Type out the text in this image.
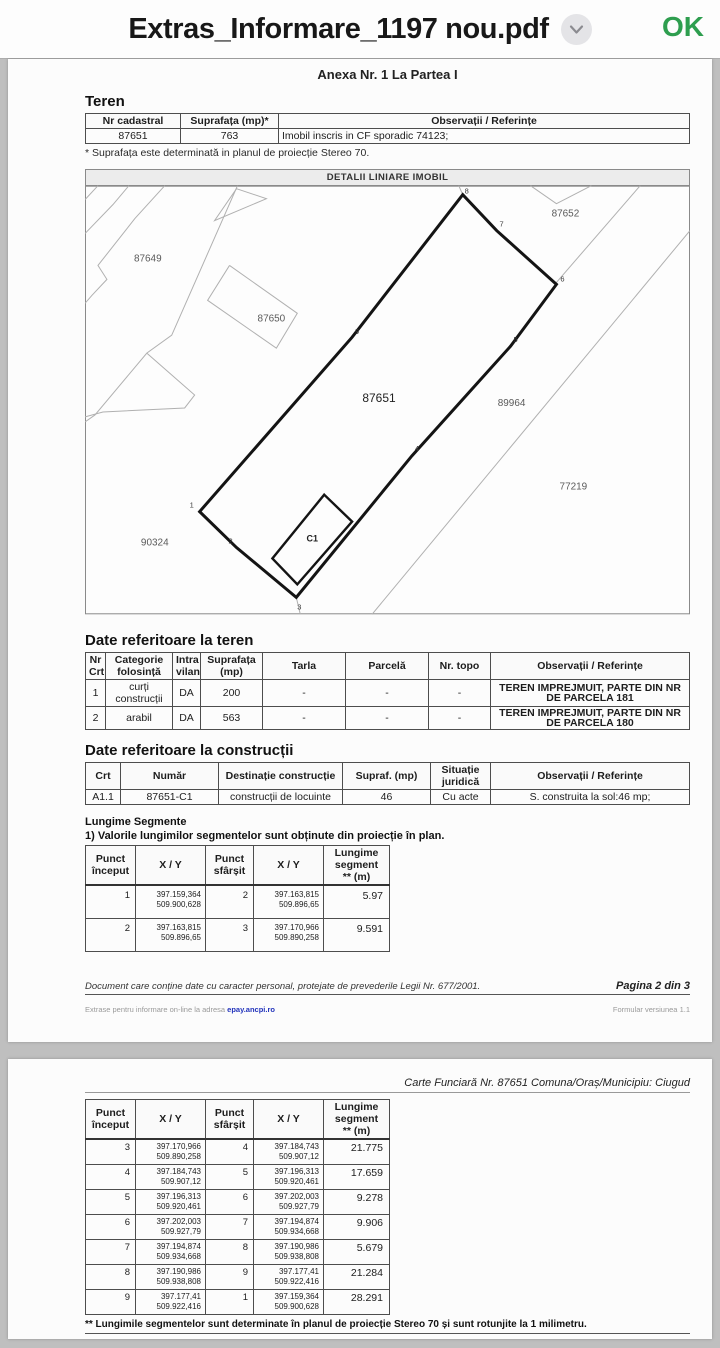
Extras_Informare_1197 nou.pdf	OK
Anexa Nr. 1 La Partea I
Teren
Nr cadastral	Suprafața (mp)*	Observații / Referințe
87651	763	Imobil inscris in CF sporadic 74123;
* Suprafața este determinată in planul de proiecție Stereo 70.
DETALII LINIARE IMOBIL
87651
87649
87650
87652
89964
77219
90324	C1
1
2
3
4
5
6
7
8
9
Date referitoare la teren
Nr Crt	Categorie folosință	Intra vilan	Suprafața (mp)	Tarla	Parcelă	Nr. topo	Observații / Referințe
1	curți construcții	DA	200	-	-	-	TEREN IMPREJMUIT, PARTE DIN NR DE PARCELA 181
2	arabil	DA	563	-	-	-	TEREN IMPREJMUIT, PARTE DIN NR DE PARCELA 180
Date referitoare la construcții
Crt	Număr	Destinație construcție	Supraf. (mp)	Situație juridică	Observații / Referințe
A1.1	87651-C1	construcții de locuinte	46	Cu acte	S. construita la sol:46 mp;
Lungime Segmente
1) Valorile lungimilor segmentelor sunt obținute din proiecție în plan.
Punct început	X / Y	Punct sfârșit	X / Y	Lungime segment ** (m)
1	397.159,364
509.900,628	2	397.163,815
509.896,65	5.97
2	397.163,815
509.896,65	3	397.170,966
509.890,258	9.591
Document care conține date cu caracter personal, protejate de prevederile Legii Nr. 677/2001.	Pagina 2 din 3
Extrase pentru informare on-line la adresa epay.ancpi.ro	Formular versiunea 1.1
Carte Funciară Nr. 87651 Comuna/Oraș/Municipiu: Ciugud
Punct început	X / Y	Punct sfârșit	X / Y	Lungime segment ** (m)
3	397.170,966
509.890,258	4	397.184,743
509.907,12	21.775
4	397.184,743
509.907,12	5	397.196,313
509.920,461	17.659
5	397.196,313
509.920,461	6	397.202,003
509.927,79	9.278
6	397.202,003
509.927,79	7	397.194,874
509.934,668	9.906
7	397.194,874
509.934,668	8	397.190,986
509.938,808	5.679
8	397.190,986
509.938,808	9	397.177,41
509.922,416	21.284
9	397.177,41
509.922,416	1	397.159,364
509.900,628	28.291
** Lungimile segmentelor sunt determinate în planul de proiecție Stereo 70 și sunt rotunjite la 1 milimetru.
